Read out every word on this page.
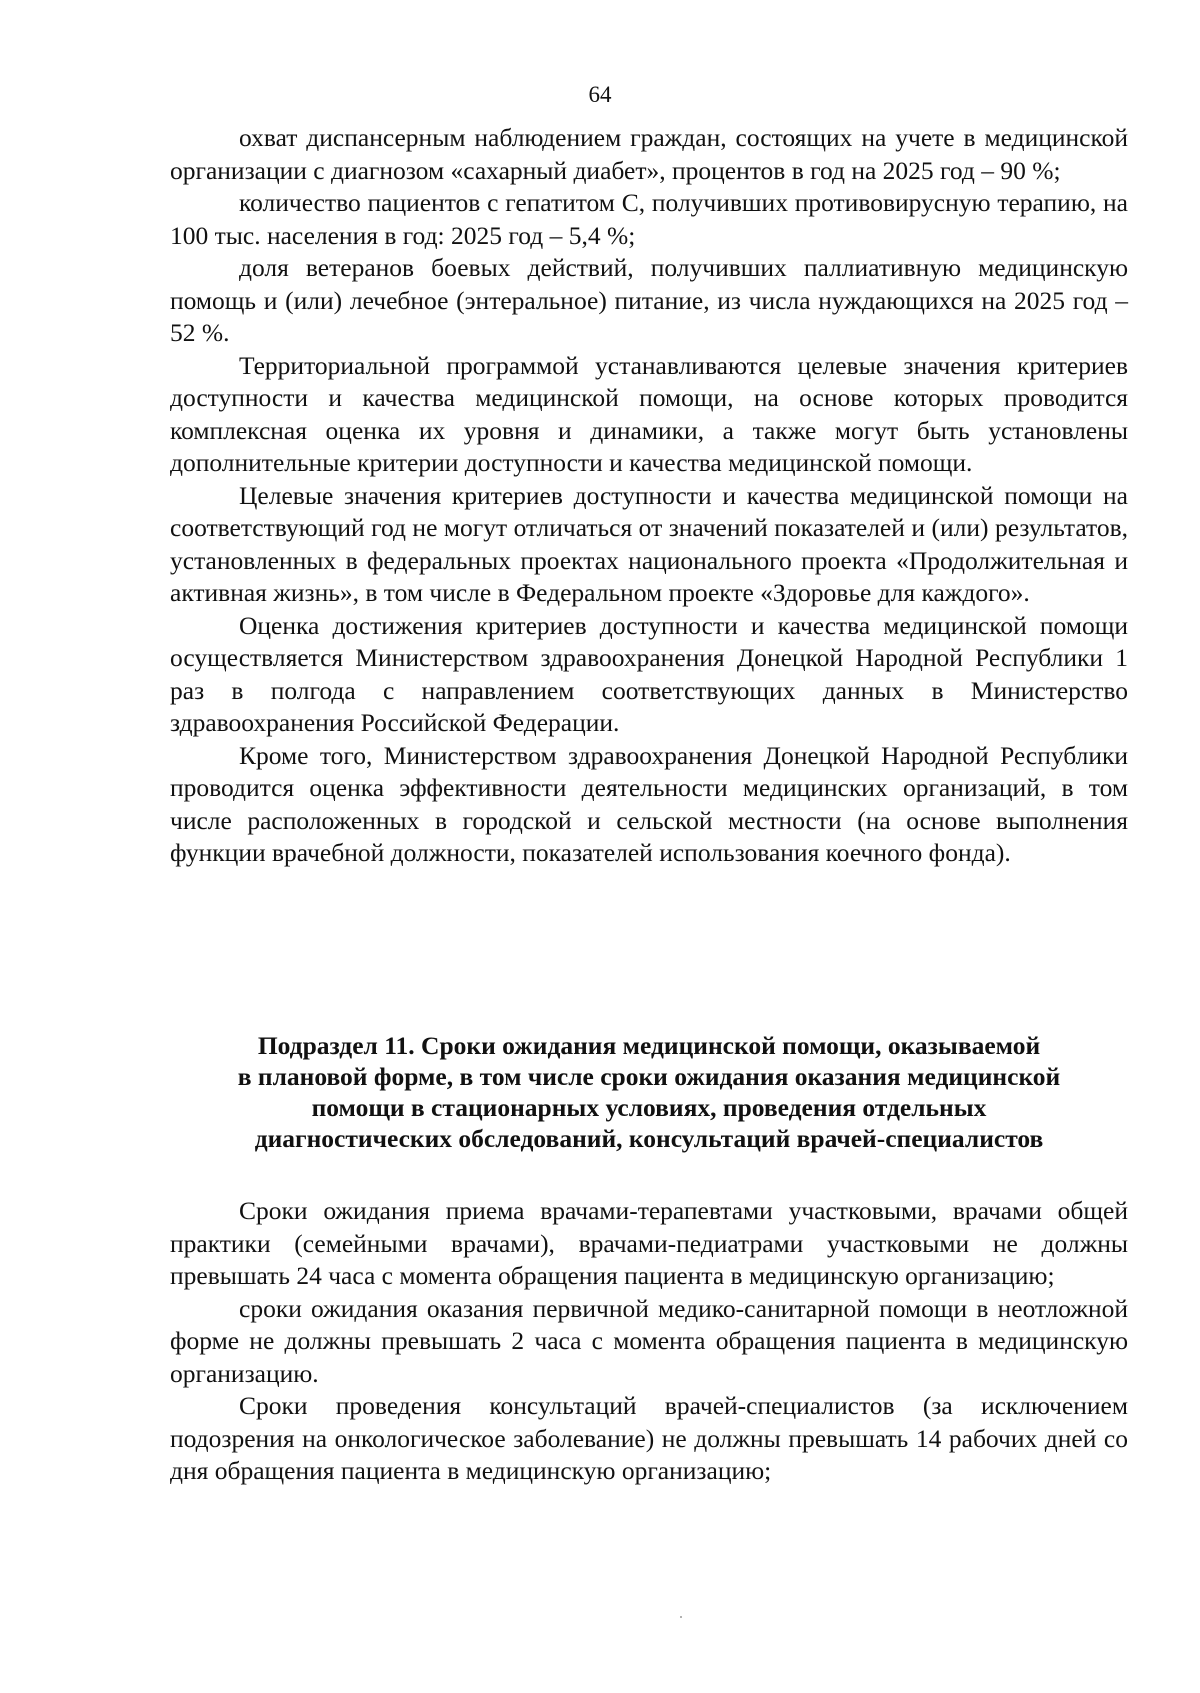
64

охват диспансерным наблюдением граждан, состоящих на учете в медицинской организации с диагнозом «сахарный диабет», процентов в год на 2025 год – 90 %;

количество пациентов с гепатитом С, получивших противовирусную терапию, на 100 тыс. населения в год: 2025 год – 5,4 %;

доля ветеранов боевых действий, получивших паллиативную медицинскую помощь и (или) лечебное (энтеральное) питание, из числа нуждающихся на 2025 год – 52 %.

Территориальной программой устанавливаются целевые значения критериев доступности и качества медицинской помощи, на основе которых проводится комплексная оценка их уровня и динамики, а также могут быть установлены дополнительные критерии доступности и качества медицинской помощи.

Целевые значения критериев доступности и качества медицинской помощи на соответствующий год не могут отличаться от значений показателей и (или) результатов, установленных в федеральных проектах национального проекта «Продолжительная и активная жизнь», в том числе в Федеральном проекте «Здоровье для каждого».

Оценка достижения критериев доступности и качества медицинской помощи осуществляется Министерством здравоохранения Донецкой Народной Республики 1 раз в полгода с направлением соответствующих данных в Министерство здравоохранения Российской Федерации.

Кроме того, Министерством здравоохранения Донецкой Народной Республики проводится оценка эффективности деятельности медицинских организаций, в том числе расположенных в городской и сельской местности (на основе выполнения функции врачебной должности, показателей использования коечного фонда).

Подраздел 11. Сроки ожидания медицинской помощи, оказываемой
в плановой форме, в том числе сроки ожидания оказания медицинской
помощи в стационарных условиях, проведения отдельных
диагностических обследований, консультаций врачей-специалистов

Сроки ожидания приема врачами-терапевтами участковыми, врачами общей практики (семейными врачами), врачами-педиатрами участковыми не должны превышать 24 часа с момента обращения пациента в медицинскую организацию;

сроки ожидания оказания первичной медико-санитарной помощи в неотложной форме не должны превышать 2 часа с момента обращения пациента в медицинскую организацию.

Сроки проведения консультаций врачей-специалистов (за исключением подозрения на онкологическое заболевание) не должны превышать 14 рабочих дней со дня обращения пациента в медицинскую организацию;
